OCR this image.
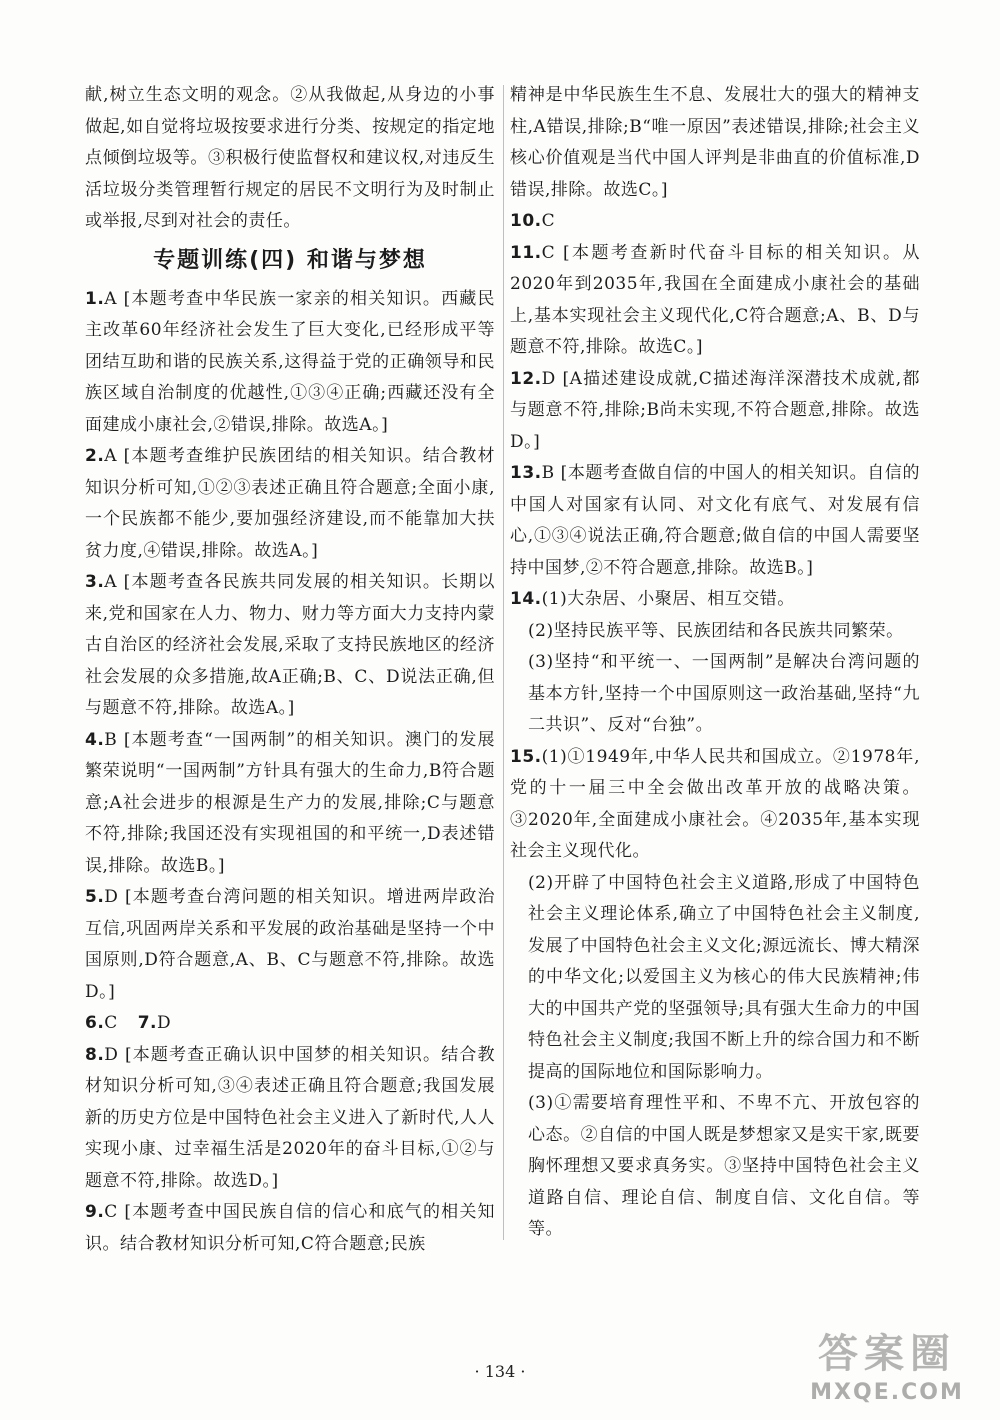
献,树立生态文明的观念。②从我做起,从身边的小事做起,如自觉将垃圾按要求进行分类、按规定的指定地点倾倒垃圾等。③积极行使监督权和建议权,对违反生活垃圾分类管理暂行规定的居民不文明行为及时制止或举报,尽到对社会的责任。

专题训练(四) 和谐与梦想

1.A [本题考查中华民族一家亲的相关知识。西藏民主改革60年经济社会发生了巨大变化,已经形成平等团结互助和谐的民族关系,这得益于党的正确领导和民族区域自治制度的优越性,①③④正确;西藏还没有全面建成小康社会,②错误,排除。故选A。]

2.A [本题考查维护民族团结的相关知识。结合教材知识分析可知,①②③表述正确且符合题意;全面小康,一个民族都不能少,要加强经济建设,而不能靠加大扶贫力度,④错误,排除。故选A。]

3.A [本题考查各民族共同发展的相关知识。长期以来,党和国家在人力、物力、财力等方面大力支持内蒙古自治区的经济社会发展,采取了支持民族地区的经济社会发展的众多措施,故A正确;B、C、D说法正确,但与题意不符,排除。故选A。]

4.B [本题考查“一国两制”的相关知识。澳门的发展繁荣说明“一国两制”方针具有强大的生命力,B符合题意;A社会进步的根源是生产力的发展,排除;C与题意不符,排除;我国还没有实现祖国的和平统一,D表述错误,排除。故选B。]

5.D [本题考查台湾问题的相关知识。增进两岸政治互信,巩固两岸关系和平发展的政治基础是坚持一个中国原则,D符合题意,A、B、C与题意不符,排除。故选D。]

6.C 7.D

8.D [本题考查正确认识中国梦的相关知识。结合教材知识分析可知,③④表述正确且符合题意;我国发展新的历史方位是中国特色社会主义进入了新时代,人人实现小康、过幸福生活是2020年的奋斗目标,①②与题意不符,排除。故选D。]

9.C [本题考查中国民族自信的信心和底气的相关知识。结合教材知识分析可知,C符合题意;民族

精神是中华民族生生不息、发展壮大的强大的精神支柱,A错误,排除;B“唯一原因”表述错误,排除;社会主义核心价值观是当代中国人评判是非曲直的价值标准,D错误,排除。故选C。]

10.C

11.C [本题考查新时代奋斗目标的相关知识。从2020年到2035年,我国在全面建成小康社会的基础上,基本实现社会主义现代化,C符合题意;A、B、D与题意不符,排除。故选C。]

12.D [A描述建设成就,C描述海洋深潜技术成就,都与题意不符,排除;B尚未实现,不符合题意,排除。故选D。]

13.B [本题考查做自信的中国人的相关知识。自信的中国人对国家有认同、对文化有底气、对发展有信心,①③④说法正确,符合题意;做自信的中国人需要坚持中国梦,②不符合题意,排除。故选B。]

14.(1)大杂居、小聚居、相互交错。

(2)坚持民族平等、民族团结和各民族共同繁荣。

(3)坚持“和平统一、一国两制”是解决台湾问题的基本方针,坚持一个中国原则这一政治基础,坚持“九二共识”、反对“台独”。

15.(1)①1949年,中华人民共和国成立。②1978年,党的十一届三中全会做出改革开放的战略决策。③2020年,全面建成小康社会。④2035年,基本实现社会主义现代化。

(2)开辟了中国特色社会主义道路,形成了中国特色社会主义理论体系,确立了中国特色社会主义制度,发展了中国特色社会主义文化;源远流长、博大精深的中华文化;以爱国主义为核心的伟大民族精神;伟大的中国共产党的坚强领导;具有强大生命力的中国特色社会主义制度;我国不断上升的综合国力和不断提高的国际地位和国际影响力。

(3)①需要培育理性平和、不卑不亢、开放包容的心态。②自信的中国人既是梦想家又是实干家,既要胸怀理想又要求真务实。③坚持中国特色社会主义道路自信、理论自信、制度自信、文化自信。等等。

· 134 ·	答案圈
MXQE.COM
